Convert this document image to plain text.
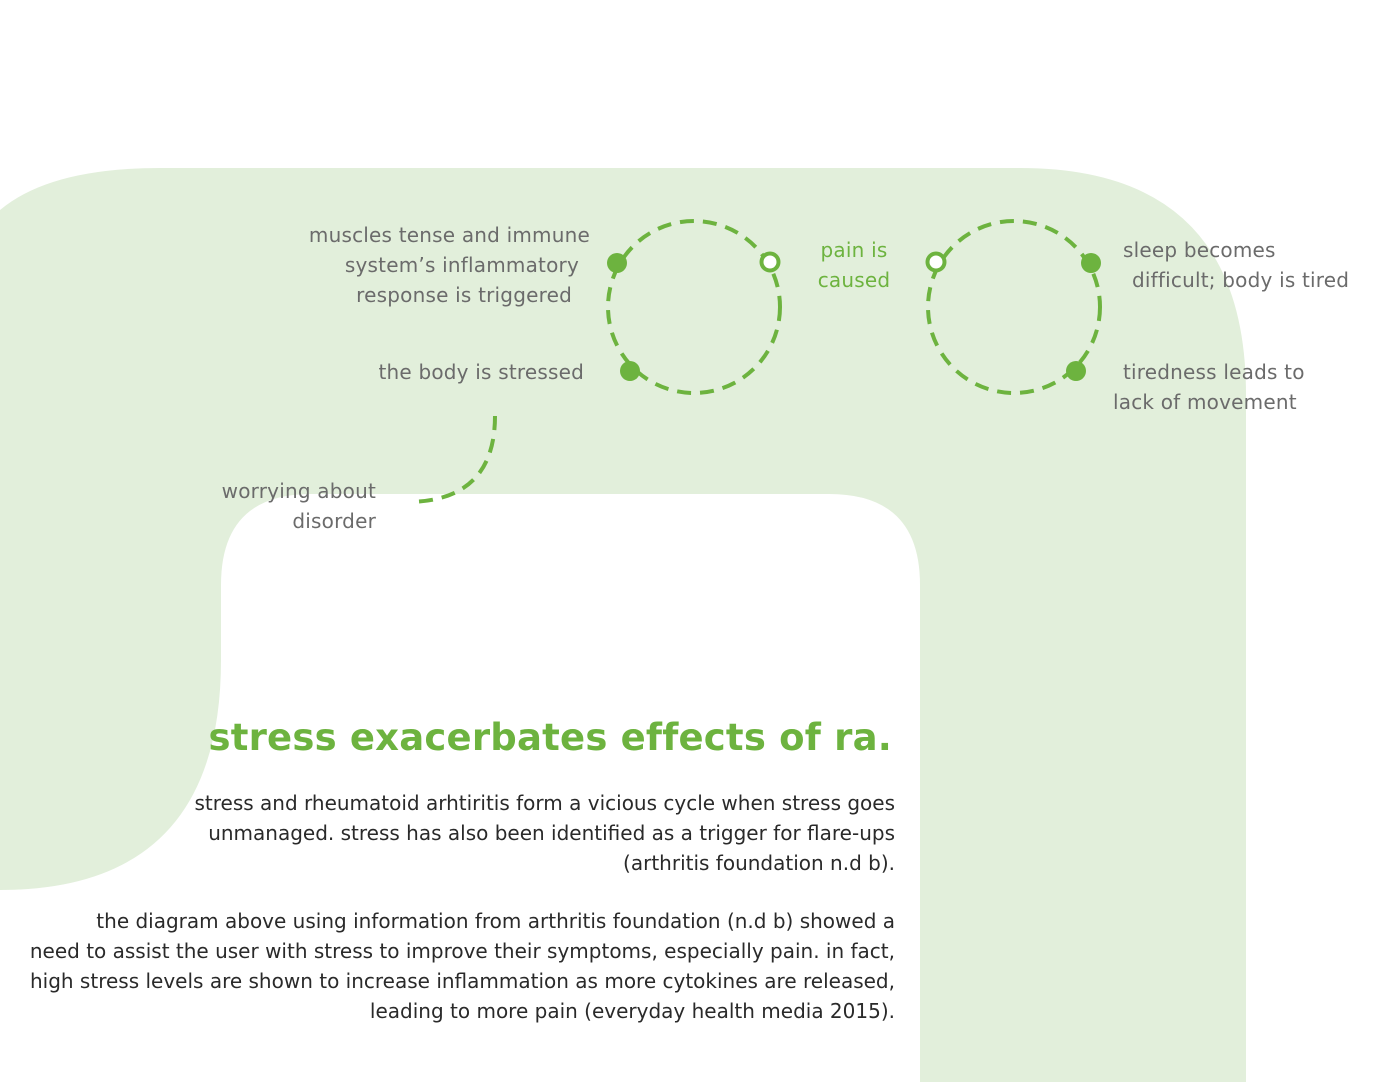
muscles tense and immune
system’s inflammatory
response is triggered
the body is stressed
worrying about
disorder
pain is
caused
sleep becomes
difficult; body is tired
tiredness leads to
lack of movement
stress exacerbates effects of ra.
stress and rheumatoid arhtiritis form a vicious cycle when stress goes
unmanaged. stress has also been identified as a trigger for flare-ups
(arthritis foundation n.d b).
the diagram above using information from arthritis foundation (n.d b) showed a
need to assist the user with stress to improve their symptoms, especially pain. in fact,
high stress levels are shown to increase inflammation as more cytokines are released,
leading to more pain (everyday health media 2015).
